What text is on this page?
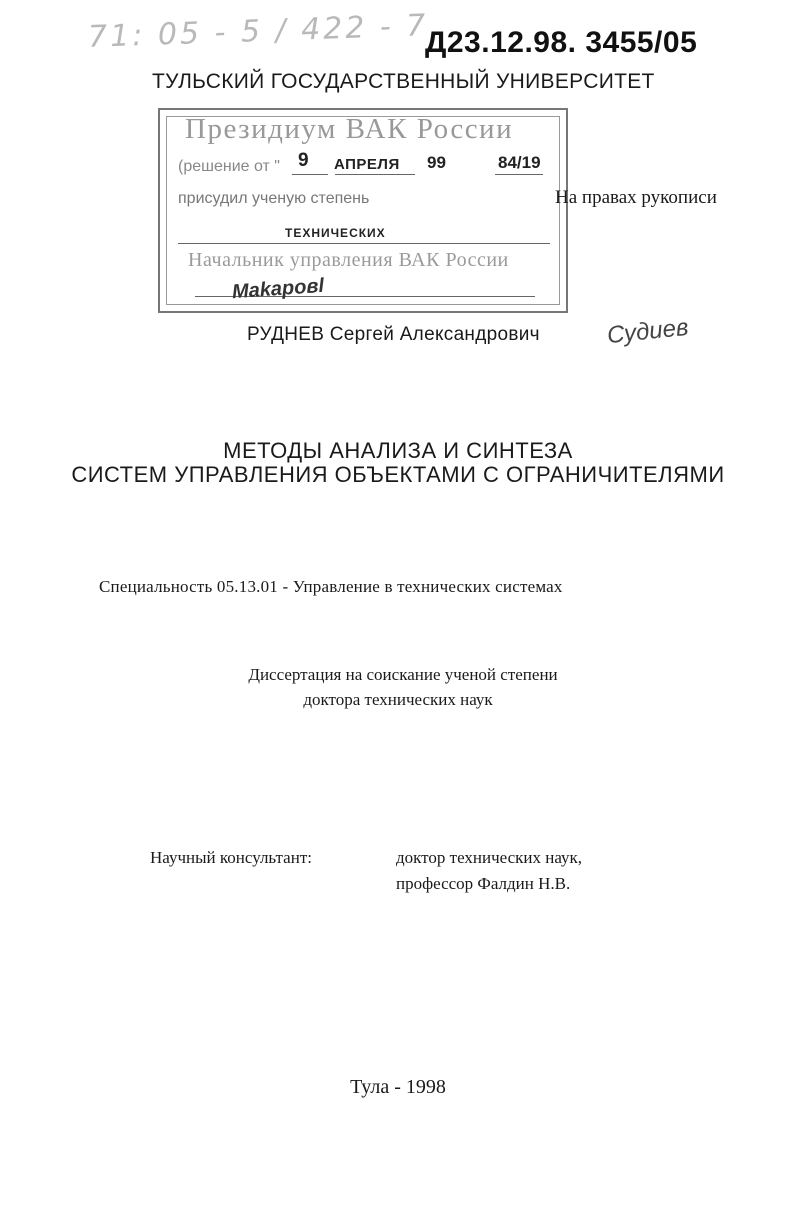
71: 05 - 5 / 422 - 7
Д23.12.98. 3455/05
ТУЛЬСКИЙ ГОСУДАРСТВЕННЫЙ УНИВЕРСИТЕТ
Президиум ВАК России
(решение от " 9 АПРЕЛЯ 99	84/19
присудил ученую степень
ТЕХНИЧЕСКИХ
Начальник управления ВАК России
Makapoвl
На правах рукописи
РУДНЕВ Сергей Александрович	Судиев
МЕТОДЫ АНАЛИЗА И СИНТЕЗА
СИСТЕМ УПРАВЛЕНИЯ ОБЪЕКТАМИ С ОГРАНИЧИТЕЛЯМИ
Специальность 05.13.01 - Управление в технических системах
Диссертация на соискание ученой степени
доктора технических наук
Научный консультант:	доктор технических наук,
профессор Фалдин Н.В.
Тула - 1998
